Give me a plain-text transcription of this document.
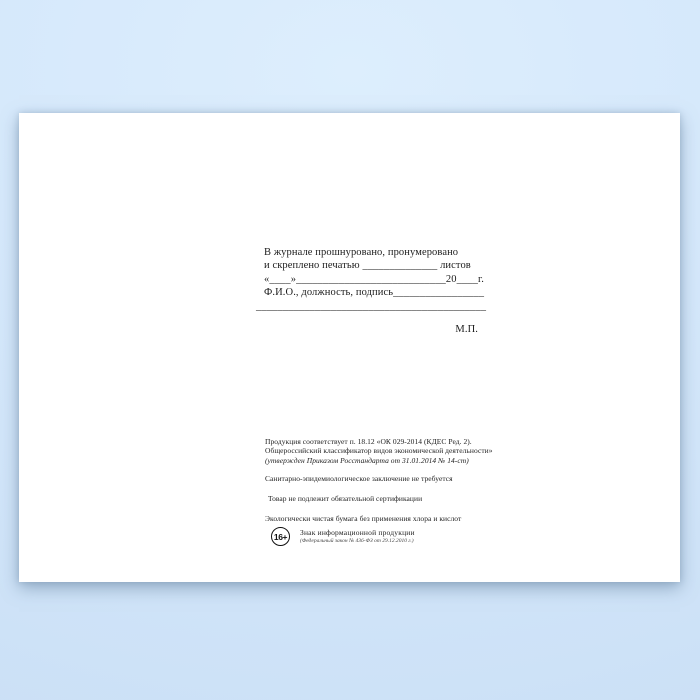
В журнале прошнуровано, пронумеровано
и скреплено печатью ______________ листов
«____»____________________________20____г.
Ф.И.О., должность, подпись_________________
___________________________________________
М.П.
Продукция соответствует п. 18.12 «ОК 029-2014 (КДЕС Ред. 2).
Общероссийский классификатор видов экономической деятельности»
(утвержден Приказом Росстандарта от 31.01.2014 № 14-ст)
Санитарно-эпидемиологическое заключение не требуется
Товар не подлежит обязательной сертификации
Экологически чистая бумага без применения хлора и кислот
16+	Знак информационной продукции
(Федеральный закон № 436-ФЗ от 29.12.2010 г.)
